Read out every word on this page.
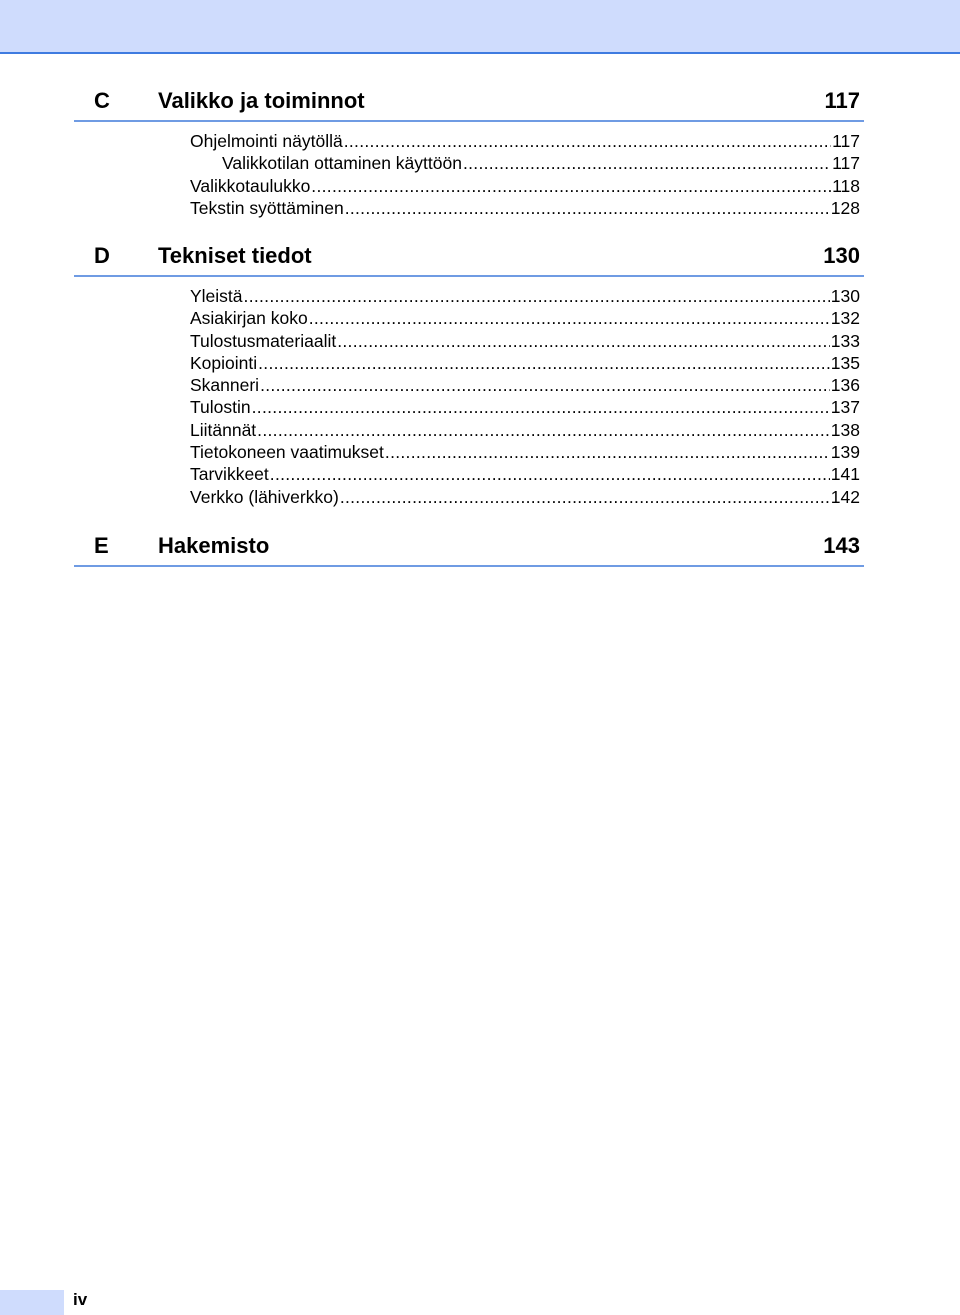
C Valikko ja toiminnot	117
Ohjelmointi näytöllä .....	117
Valikkotilan ottaminen käyttöön .....	117
Valikkotaulukko .....	118
Tekstin syöttäminen .....	128
D Tekniset tiedot	130
Yleistä .....	130
Asiakirjan koko .....	132
Tulostusmateriaalit .....	133
Kopiointi .....	135
Skanneri .....	136
Tulostin .....	137
Liitännät .....	138
Tietokoneen vaatimukset .....	139
Tarvikkeet .....	141
Verkko (lähiverkko) .....	142
E Hakemisto	143
iv
